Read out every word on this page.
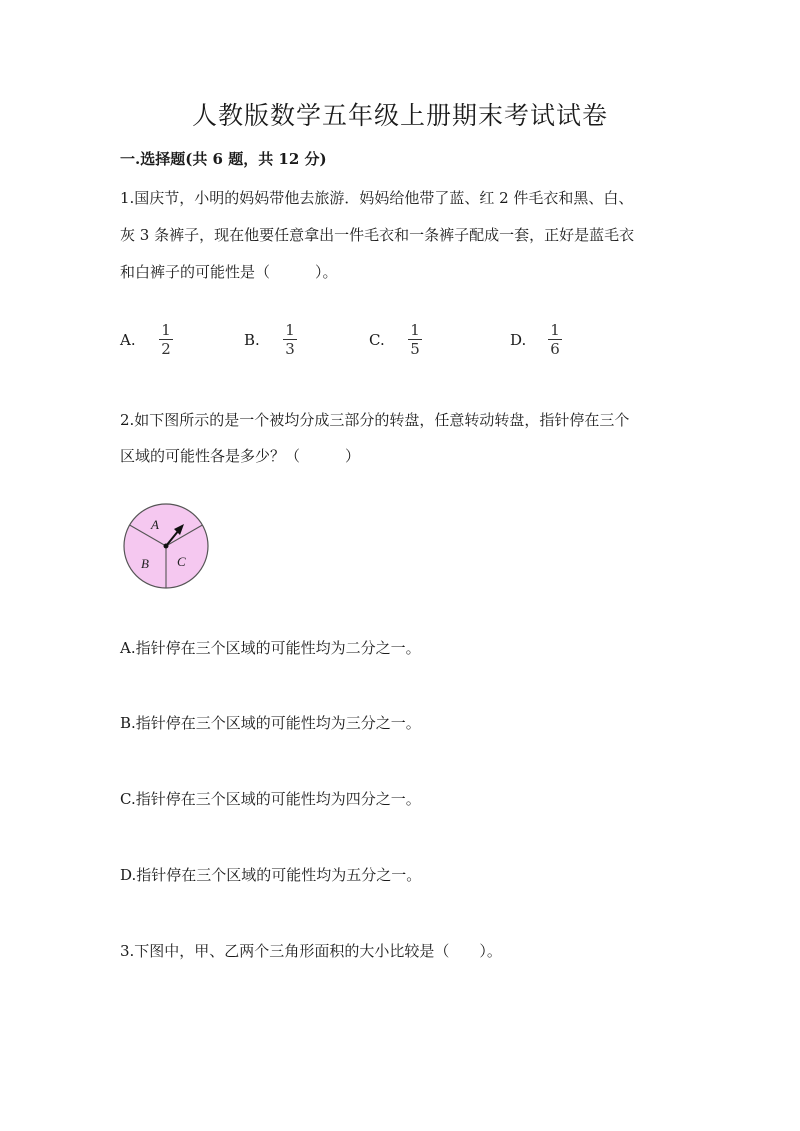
人教版数学五年级上册期末考试试卷
一.选择题(共 6 题，共 12 分)
1.国庆节，小明的妈妈带他去旅游．妈妈给他带了蓝、红 2 件毛衣和黑、白、
灰 3 条裤子，现在他要任意拿出一件毛衣和一条裤子配成一套，正好是蓝毛衣
和白裤子的可能性是（　　　）。
A.
1
2	B.
1
3	C.
1
5	D.
1
6
2.如下图所示的是一个被均分成三部分的转盘，任意转动转盘，指针停在三个
区域的可能性各是多少？（　　　）
A
B C
A.指针停在三个区域的可能性均为二分之一。
B.指针停在三个区域的可能性均为三分之一。
C.指针停在三个区域的可能性均为四分之一。
D.指针停在三个区域的可能性均为五分之一。
3.下图中，甲、乙两个三角形面积的大小比较是（　　）。
